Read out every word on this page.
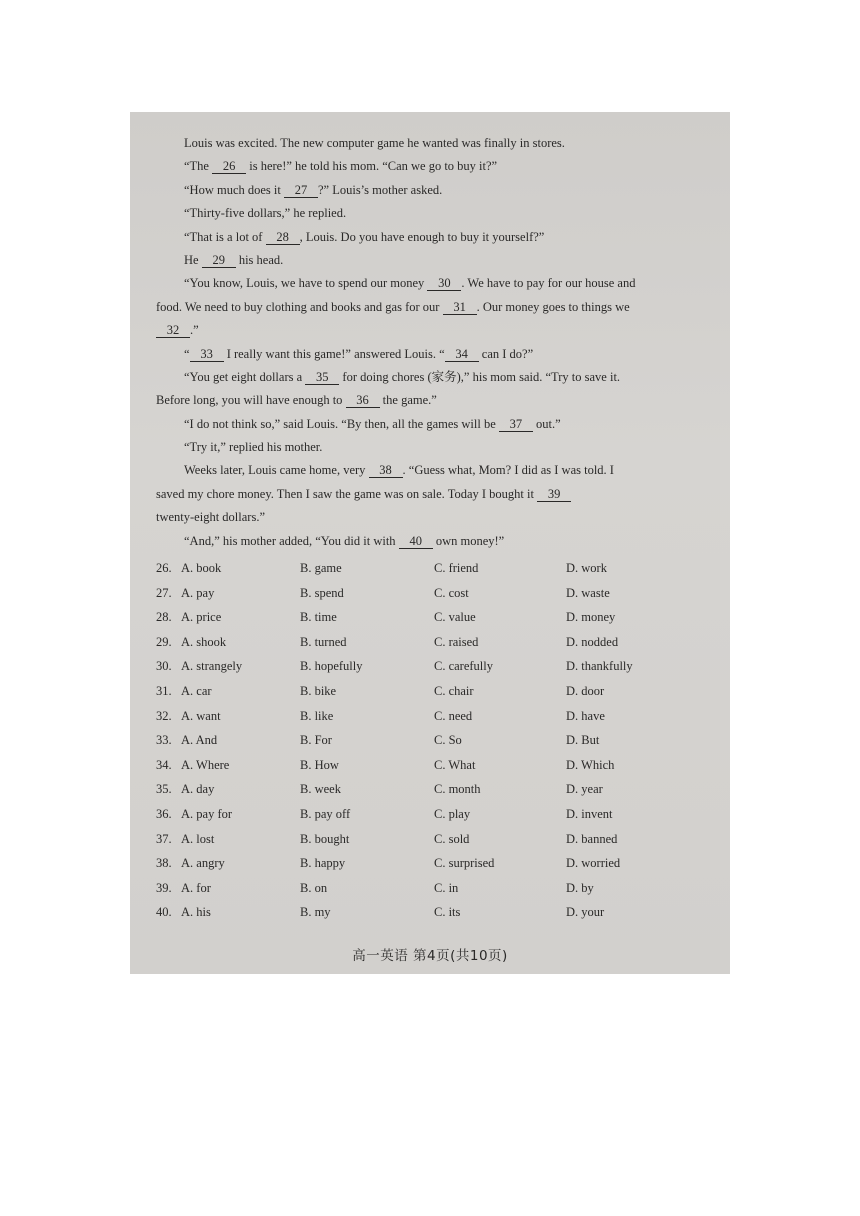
Louis was excited. The new computer game he wanted was finally in stores.
“The 26 is here!” he told his mom. “Can we go to buy it?”
“How much does it 27 ?” Louis’s mother asked.
“Thirty-five dollars,” he replied.
“That is a lot of 28 , Louis. Do you have enough to buy it yourself?”
He 29 his head.
“You know, Louis, we have to spend our money 30 . We have to pay for our house and
food. We need to buy clothing and books and gas for our 31 . Our money goes to things we
32 .”
“ 33 I really want this game!” answered Louis. “ 34 can I do?”
“You get eight dollars a 35 for doing chores (家务),” his mom said. “Try to save it.
Before long, you will have enough to 36 the game.”
“I do not think so,” said Louis. “By then, all the games will be 37 out.”
“Try it,” replied his mother.
Weeks later, Louis came home, very 38 . “Guess what, Mom? I did as I was told. I
saved my chore money. Then I saw the game was on sale. Today I bought it 39
twenty-eight dollars.”
“And,” his mother added, “You did it with 40 own money!”
26. A. book	B. game	C. friend	D. work
27. A. pay	B. spend	C. cost	D. waste
28. A. price	B. time	C. value	D. money
29. A. shook	B. turned	C. raised	D. nodded
30. A. strangely	B. hopefully	C. carefully	D. thankfully
31. A. car	B. bike	C. chair	D. door
32. A. want	B. like	C. need	D. have
33. A. And	B. For	C. So	D. But
34. A. Where	B. How	C. What	D. Which
35. A. day	B. week	C. month	D. year
36. A. pay for	B. pay off	C. play	D. invent
37. A. lost	B. bought	C. sold	D. banned
38. A. angry	B. happy	C. surprised	D. worried
39. A. for	B. on	C. in	D. by
40. A. his	B. my	C. its	D. your
高一英语 第4页(共10页)
